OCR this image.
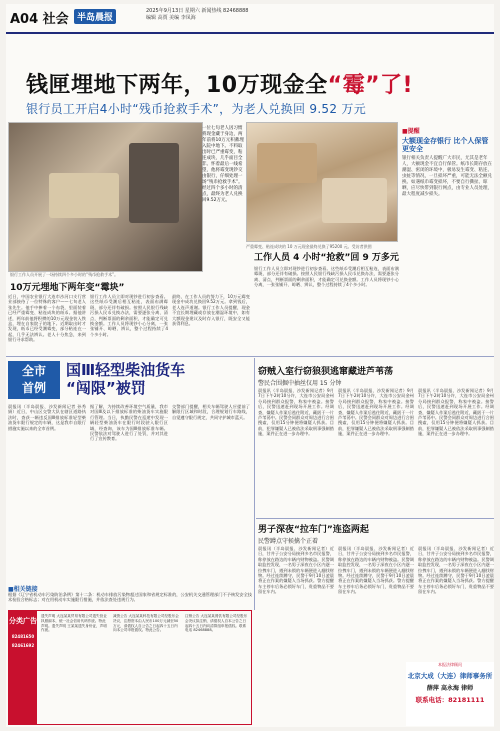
A04 社会 半岛晨报
2025年9月13日 星期六 新闻热线 82468888
编辑 高贾 美编 李凤海
钱匣埋地下两年，10万现金全“霉”了!
银行员工开启4小时“残币抢救手术”，为老人兑换回 9.52 万元
银行工作人员开展了一场持续四个多小时的“残币抢救手术”。
一位七旬老人因习惯将现金藏于身边，两年前将10万元积蓄埋入院中地下。不料取出时已严重霉变，粘连成块，几乎面目全非。怀着最后一线希望，他将霉变现钞交由银行，仔细处理一场“残币抢救手术”。经过四个多小时的清点，最终为老人兑换回9.52万元。
严重霉变、粘连成块的 10 万元现金最终兑换了95200 元。受访者供图
■提醒
大额现金存银行 比个人保管更安全
银行相关负责人提醒广大市民，尤其是老年人，大额现金不宜自行保管。纸币长期存放在潮湿、密闭的环境中，极易发生霉变、粘连、虫蛀等情况，一旦损坏严重，可能无法全额兑换。如遇纸币霉变损坏，不要自行撕扯、晾晒，应尽快带到银行网点，由专业人员处理，最大程度减少损失。
10万元埋地下两年变“霉块”
工作人员 4 小时“抢救”回 9 万多元
近日，中国农业银行大连市沙河口支行营业部接待了一位特殊的客户——七旬老人张先生。他手中捧着一个布袋，里面装着已经严重霉变、粘连成块的纸币。据他讲述，两年前他将积攒的10万元现金装入铁盒，埋在自家院子的地下。近期取出时才发现，纸币已经受潮霉变，部分粘连在一起，几乎无法辨认。老人十分焦急，来到银行寻求帮助。
银行工作人员立即对现钞进行初步查看。这些纸币受潮后相互粘连，表面布满霉斑，部分还伴有破损。按照人民银行残缺污损人民币兑换办法，需要逐张分离、清点，判断票面的剩余面积，才能确定可兑换金额。工作人员将现钞小心分离，一张张铺开、晾晒、辨认，整个过程持续了4个多小时。
最终，在工作人员的努力下，10万元霉变现金中成功兑换回9.52万元。拿到钱后，老人连声道谢。银行工作人员提醒，现金不宜长期埋藏或存放在潮湿环境中，如有大额现金建议及时存入银行，既安全又能获得利息。
银行工作人员立即对现钞进行初步查看。这些纸币受潮后相互粘连，表面布满霉斑，部分还伴有破损。按照人民银行残缺污损人民币兑换办法，需要逐张分离、清点，判断票面的剩余面积，才能确定可兑换金额。工作人员将现钞小心分离，一张张铺开、晾晒、辨认，整个过程持续了4个多小时。
全市
首例
国Ⅲ轻型柴油货车
“闯限”被罚
晨报讯（半岛晨报、沙发新闻记者 孙秀娟）近日，中山区交警大队在辖区道路执法时，查获一辆违反国Ⅲ排放标准轻型柴油货车限行规定的车辆，这是我市自限行措施实施以来的全市首例。
据了解，为持续改善环境空气质量，我市对国Ⅲ及以下排放标准的柴油货车实施限行管理。当日，执勤民警在巡逻中发现一辆轻型柴油货车在限行时段驶入限行区域，经查询，该车为国Ⅲ排放标准车辆。民警依法对驾驶人进行了处罚，并对其进行了宣传教育。
交警部门提醒，相关车辆驾驶人应提前了解限行区域和时段，合理规划行车路线，自觉遵守限行规定，共同守护城市蓝天。
■相关链接
根据《辽宁省机动车污染防治条例》第十二条：机动车排放污染物超过国家和省规定标准的，公安机关交通管理部门不予核发安全技术检验合格标志；对在用机动车实施限行措施，并依法查处违规行为。
窃贼入室行窃狼狈逃窜藏进芦苇荡
警民合围掘中抽丝仅用 15 分钟
晨报讯（半岛晨报、沙发新闻记者）9月7日下午2时10分许，大连市公安局金州分局接到群众报警，称家中被盗。接警后，民警迅速赶到现场开展工作。经调查，嫌疑人作案后逃往附近，藏匿于一片芦苇荡中。民警会同群众对周边进行合围搜索，仅用15分钟便将嫌疑人抓获。目前，犯罪嫌疑人已被依法采取刑事强制措施，案件正在进一步办理中。
晨报讯（半岛晨报、沙发新闻记者）9月7日下午2时10分许，大连市公安局金州分局接到群众报警，称家中被盗。接警后，民警迅速赶到现场开展工作。经调查，嫌疑人作案后逃往附近，藏匿于一片芦苇荡中。民警会同群众对周边进行合围搜索，仅用15分钟便将嫌疑人抓获。目前，犯罪嫌疑人已被依法采取刑事强制措施，案件正在进一步办理中。
晨报讯（半岛晨报、沙发新闻记者）9月7日下午2时10分许，大连市公安局金州分局接到群众报警，称家中被盗。接警后，民警迅速赶到现场开展工作。经调查，嫌疑人作案后逃往附近，藏匿于一片芦苇荡中。民警会同群众对周边进行合围搜索，仅用15分钟便将嫌疑人抓获。目前，犯罪嫌疑人已被依法采取刑事强制措施，案件正在进一步办理中。
男子深夜“拉车门”连盗两起
民警蹲点守候擒个正着
晨报讯（半岛晨报、沙发新闻记者）近日，甘井子公安分局接到多名市民报警，称停放在路边的车辆内财物被盗。民警调取监控发现，一名男子深夜在小区内逐一拉拽车门，遇到未锁的车辆便进入翻找财物。经过连续蹲守，民警于9月10日凌晨将正在作案的嫌疑人当场抓获。警方提醒车主停车后务必锁好车门，贵重物品不要留在车内。
晨报讯（半岛晨报、沙发新闻记者）近日，甘井子公安分局接到多名市民报警，称停放在路边的车辆内财物被盗。民警调取监控发现，一名男子深夜在小区内逐一拉拽车门，遇到未锁的车辆便进入翻找财物。经过连续蹲守，民警于9月10日凌晨将正在作案的嫌疑人当场抓获。警方提醒车主停车后务必锁好车门，贵重物品不要留在车内。
晨报讯（半岛晨报、沙发新闻记者）近日，甘井子公安分局接到多名市民报警，称停放在路边的车辆内财物被盗。民警调取监控发现，一名男子深夜在小区内逐一拉拽车门，遇到未锁的车辆便进入翻找财物。经过连续蹲守，民警于9月10日凌晨将正在作案的嫌疑人当场抓获。警方提醒车主停车后务必锁好车门，贵重物品不要留在车内。
分类广告
82481650
82461692
遗失声明 大连某某贸易有限公司遗失营业执照副本，统一社会信用代码作废。特此声明。遗失声明 王某某遗失身份证，声明作废。
减资公告 大连某某科技有限公司经股东会决议，注册资本由人民币100万元减至50万元，请债权人自公告之日起四十五日内向本公司申报债权。特此公告。
注销公告 大连某某餐饮有限公司经股东会决议拟注销，请债权人自本公告之日起四十五日内向清算组申报债权。联系电话 82468888。
本报法律顾问
北京大成（大连）律师事务所
薛萍 高永海 律师
联系电话：82181111
